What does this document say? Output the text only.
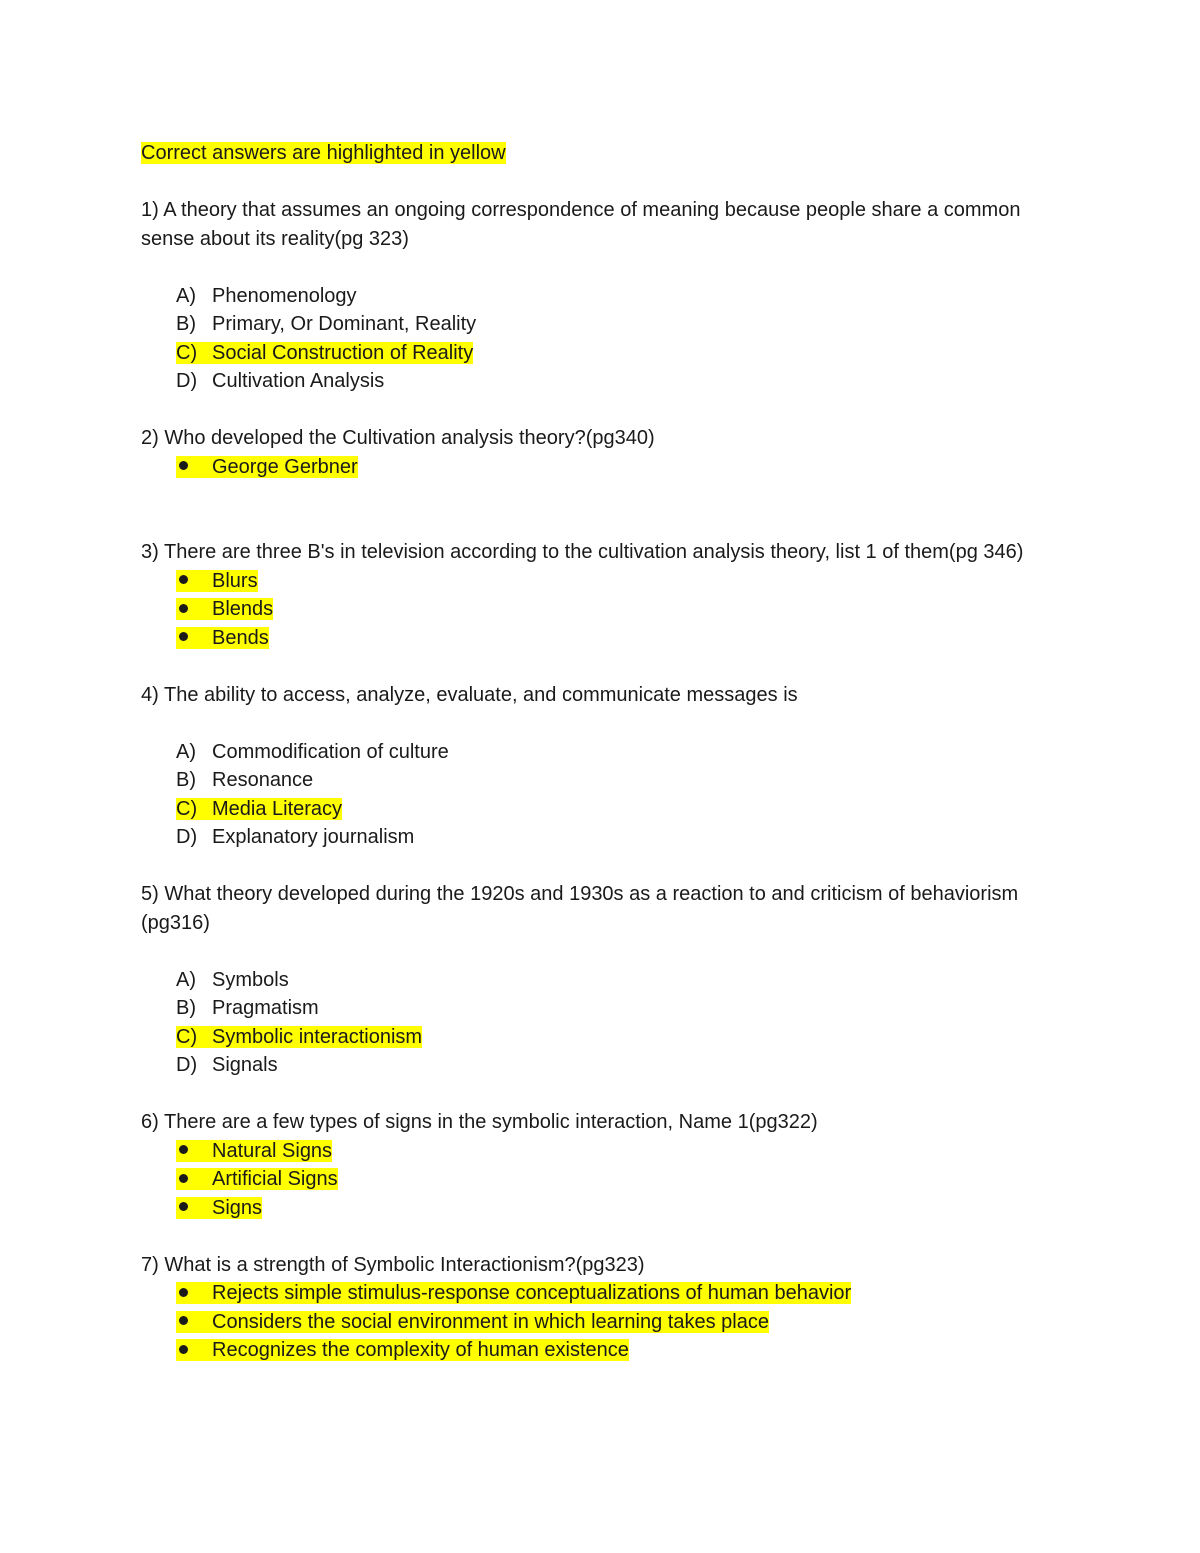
Correct answers are highlighted in yellow
1) A theory that assumes an ongoing correspondence of meaning because people share a common sense about its reality(pg 323)
A) Phenomenology
B) Primary, Or Dominant, Reality
C) Social Construction of Reality
D) Cultivation Analysis
2) Who developed the Cultivation analysis theory?(pg340)
George Gerbner
3) There are three B's in television according to the cultivation analysis theory, list 1 of them(pg 346)
Blurs
Blends
Bends
4) The ability to access, analyze, evaluate, and communicate messages is
A) Commodification of culture
B) Resonance
C) Media Literacy
D) Explanatory journalism
5) What theory developed during the 1920s and 1930s as a reaction to and criticism of behaviorism (pg316)
A) Symbols
B) Pragmatism
C) Symbolic interactionism
D) Signals
6) There are a few types of signs in the symbolic interaction, Name 1(pg322)
Natural Signs
Artificial Signs
Signs
7) What is a strength of Symbolic Interactionism?(pg323)
Rejects simple stimulus-response conceptualizations of human behavior
Considers the social environment in which learning takes place
Recognizes the complexity of human existence
